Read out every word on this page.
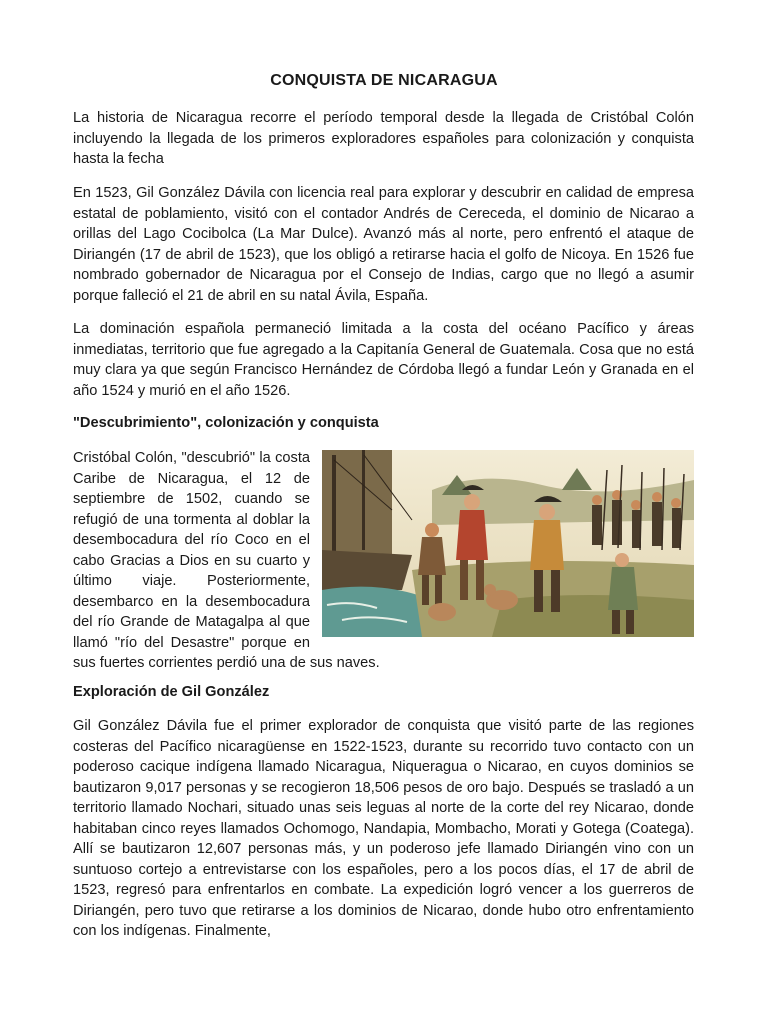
CONQUISTA DE NICARAGUA

La historia de Nicaragua recorre el período temporal desde la llegada de Cristóbal Colón incluyendo la llegada de los primeros exploradores españoles para colonización y conquista hasta la fecha

En 1523, Gil González Dávila con licencia real para explorar y descubrir en calidad de empresa estatal de poblamiento, visitó con el contador Andrés de Cereceda, el dominio de Nicarao a orillas del Lago Cocibolca (La Mar Dulce). Avanzó más al norte, pero enfrentó el ataque de Diriangén (17 de abril de 1523), que los obligó a retirarse hacia el golfo de Nicoya. En 1526 fue nombrado gobernador de Nicaragua por el Consejo de Indias, cargo que no llegó a asumir porque falleció el 21 de abril en su natal Ávila, España.

La dominación española permaneció limitada a la costa del océano Pacífico y áreas inmediatas, territorio que fue agregado a la Capitanía General de Guatemala. Cosa que no está muy clara ya que según Francisco Hernández de Córdoba llegó a fundar León y Granada en el año 1524 y murió en el año 1526.

"Descubrimiento", colonización y conquista
Cristóbal Colón, "descubrió" la costa Caribe de Nicaragua, el 12 de septiembre de 1502, cuando se refugió de una tormenta al doblar la desembocadura del río Coco en el cabo Gracias a Dios en su cuarto y último viaje. Posteriormente, desembarco en la desembocadura del río Grande de Matagalpa al que llamó "río del Desastre" porque en sus fuertes corrientes perdió una de sus naves.
Exploración de Gil González

Gil González Dávila fue el primer explorador de conquista que visitó parte de las regiones costeras del Pacífico nicaragüense en 1522-1523, durante su recorrido tuvo contacto con un poderoso cacique indígena llamado Nicaragua, Niqueragua o Nicarao, en cuyos dominios se bautizaron 9,017 personas y se recogieron 18,506 pesos de oro bajo. Después se trasladó a un territorio llamado Nochari, situado unas seis leguas al norte de la corte del rey Nicarao, donde habitaban cinco reyes llamados Ochomogo, Nandapia, Mombacho, Morati y Gotega (Coatega). Allí se bautizaron 12,607 personas más, y un poderoso jefe llamado Diriangén vino con un suntuoso cortejo a entrevistarse con los españoles, pero a los pocos días, el 17 de abril de 1523, regresó para enfrentarlos en combate. La expedición logró vencer a los guerreros de Diriangén, pero tuvo que retirarse a los dominios de Nicarao, donde hubo otro enfrentamiento con los indígenas. Finalmente,
